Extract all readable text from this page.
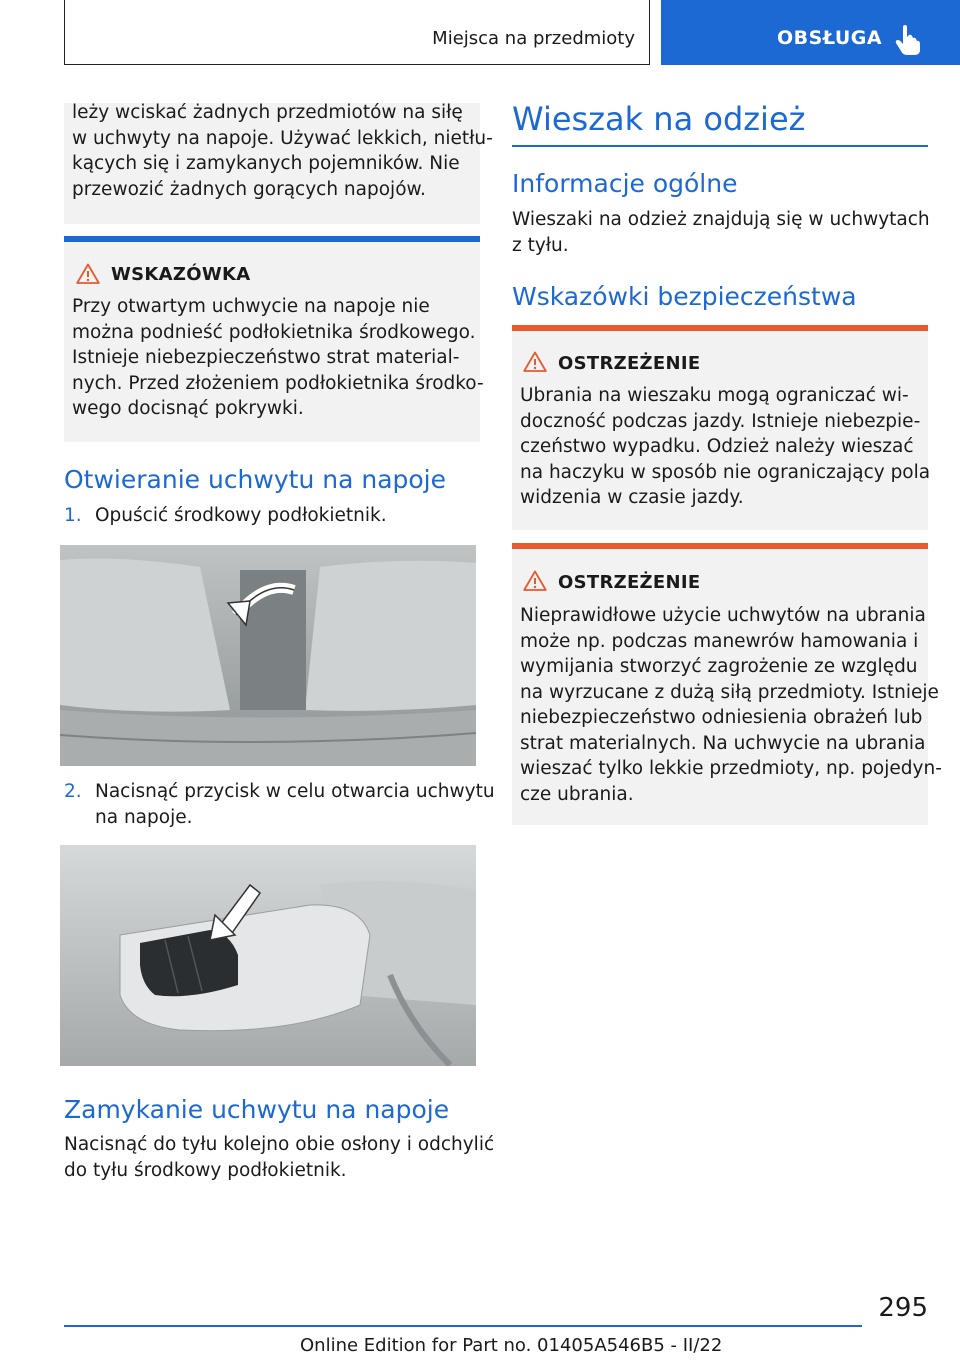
Miejsca na przedmioty	OBSŁUGA
leży wciskać żadnych przedmiotów na siłę
w uchwyty na napoje. Używać lekkich, nietłu-
kących się i zamykanych pojemników. Nie
przewozić żadnych gorących napojów.
WSKAZÓWKA
Przy otwartym uchwycie na napoje nie
można podnieść podłokietnika środkowego.
Istnieje niebezpieczeństwo strat material-
nych. Przed złożeniem podłokietnika środko-
wego docisnąć pokrywki.
Otwieranie uchwytu na napoje
1. Opuścić środkowy podłokietnik.
2. Nacisnąć przycisk w celu otwarcia uchwytu
na napoje.
Zamykanie uchwytu na napoje
Nacisnąć do tyłu kolejno obie osłony i odchylić
do tyłu środkowy podłokietnik.
Wieszak na odzież
Informacje ogólne
Wieszaki na odzież znajdują się w uchwytach
z tyłu.
Wskazówki bezpieczeństwa
OSTRZEŻENIE
Ubrania na wieszaku mogą ograniczać wi-
doczność podczas jazdy. Istnieje niebezpie-
czeństwo wypadku. Odzież należy wieszać
na haczyku w sposób nie ograniczający pola
widzenia w czasie jazdy.
OSTRZEŻENIE
Nieprawidłowe użycie uchwytów na ubrania
może np. podczas manewrów hamowania i
wymijania stworzyć zagrożenie ze względu
na wyrzucane z dużą siłą przedmioty. Istnieje
niebezpieczeństwo odniesienia obrażeń lub
strat materialnych. Na uchwycie na ubrania
wieszać tylko lekkie przedmioty, np. pojedyn-
cze ubrania.
295
Online Edition for Part no. 01405A546B5 - II/22
